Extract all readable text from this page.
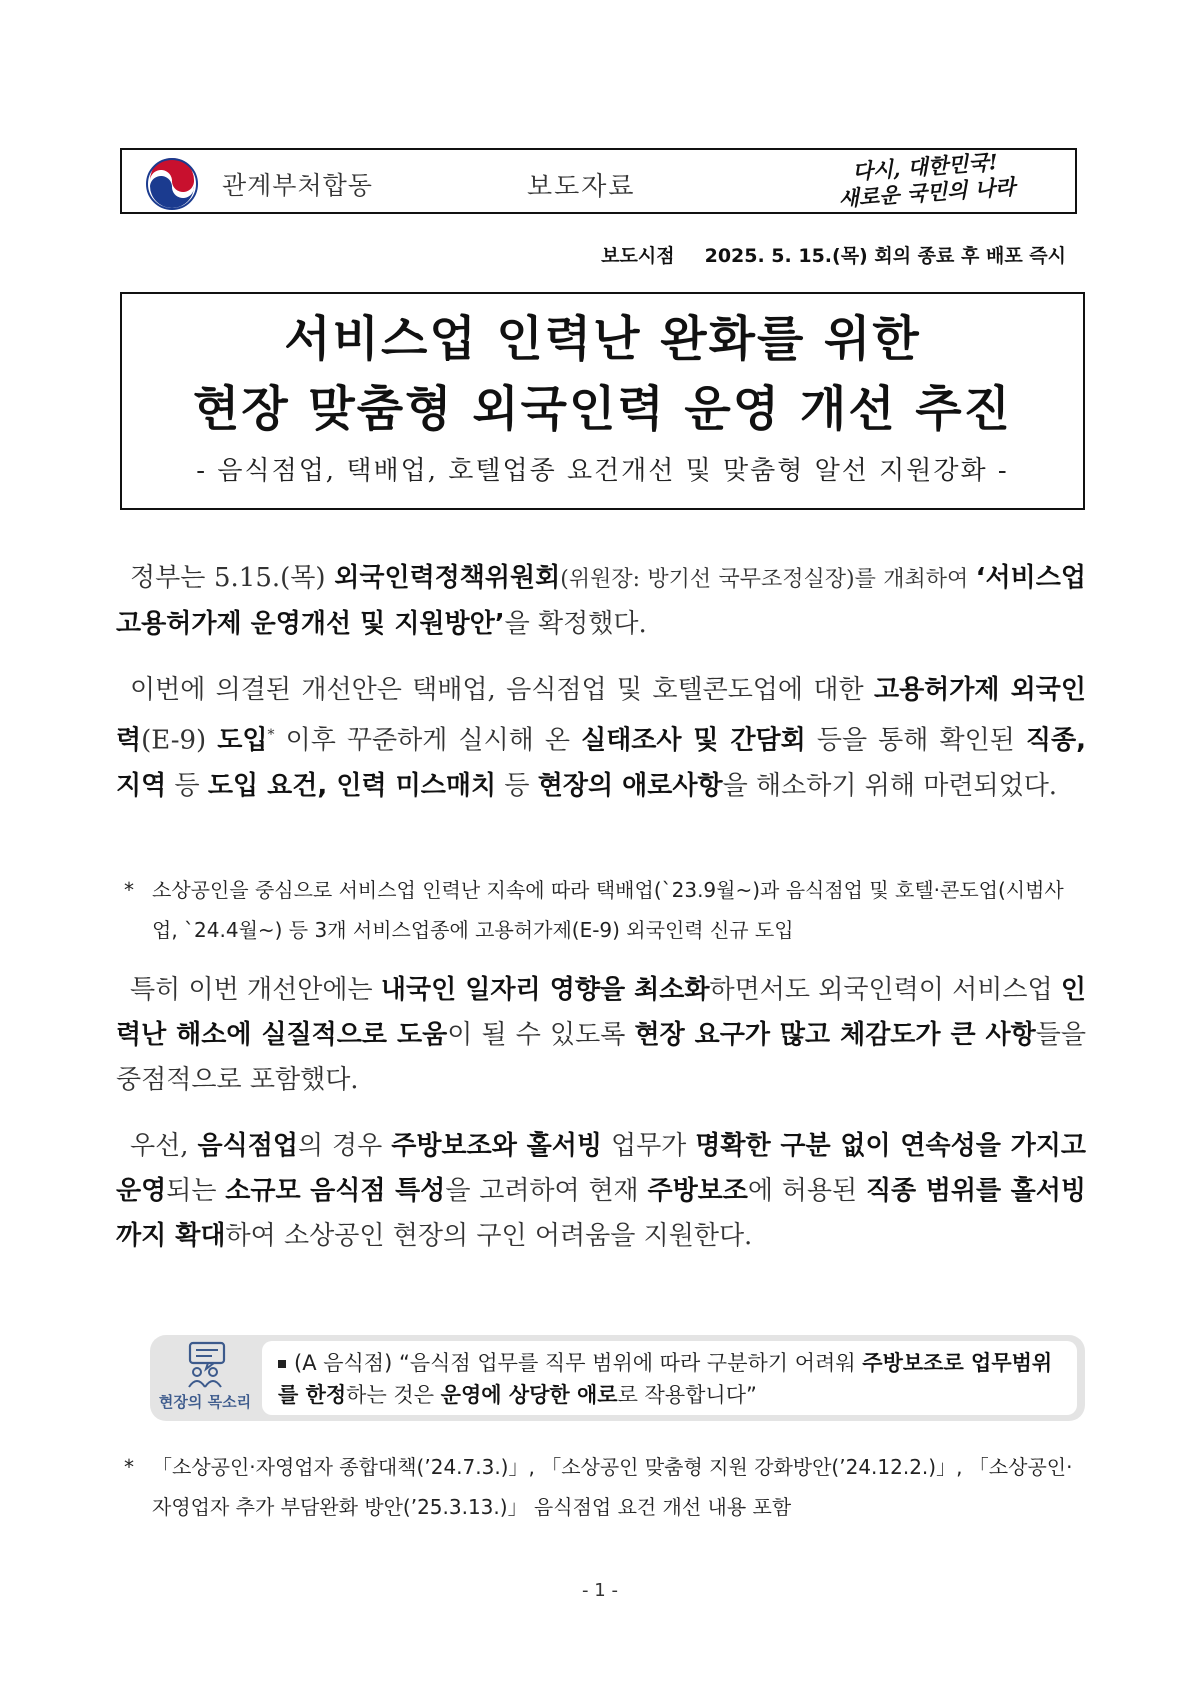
관계부처합동	보도자료
다시, 대한민국!
새로운 국민의 나라
보도시점 2025. 5. 15.(목) 회의 종료 후 배포 즉시
서비스업 인력난 완화를 위한
현장 맞춤형 외국인력 운영 개선 추진
- 음식점업, 택배업, 호텔업종 요건개선 및 맞춤형 알선 지원강화 -

정부는 5.15.(목) 외국인력정책위원회(위원장: 방기선 국무조정실장)를 개최하여 ‘서비스업 고용허가제 운영개선 및 지원방안’을 확정했다.

이번에 의결된 개선안은 택배업, 음식점업 및 호텔콘도업에 대한 고용허가제 외국인력(E-9) 도입* 이후 꾸준하게 실시해 온 실태조사 및 간담회 등을 통해 확인된 직종, 지역 등 도입 요건, 인력 미스매치 등 현장의 애로사항을 해소하기 위해 마련되었다.

* 소상공인을 중심으로 서비스업 인력난 지속에 따라 택배업(`23.9월~)과 음식점업 및 호텔·콘도업(시범사업, `24.4월~) 등 3개 서비스업종에 고용허가제(E-9) 외국인력 신규 도입

특히 이번 개선안에는 내국인 일자리 영향을 최소화하면서도 외국인력이 서비스업 인력난 해소에 실질적으로 도움이 될 수 있도록 현장 요구가 많고 체감도가 큰 사항들을 중점적으로 포함했다.

우선, 음식점업의 경우 주방보조와 홀서빙 업무가 명확한 구분 없이 연속성을 가지고 운영되는 소규모 음식점 특성을 고려하여 현재 주방보조에 허용된 직종 범위를 홀서빙까지 확대하여 소상공인 현장의 구인 어려움을 지원한다.

현장의 목소리
(A 음식점) “음식점 업무를 직무 범위에 따라 구분하기 어려워 주방보조로 업무범위를 한정하는 것은 운영에 상당한 애로로 작용합니다”
* 「소상공인·자영업자 종합대책(’24.7.3.)」, 「소상공인 맞춤형 지원 강화방안(’24.12.2.)」, 「소상공인·자영업자 추가 부담완화 방안(’25.3.13.)」 음식점업 요건 개선 내용 포함
- 1 -
